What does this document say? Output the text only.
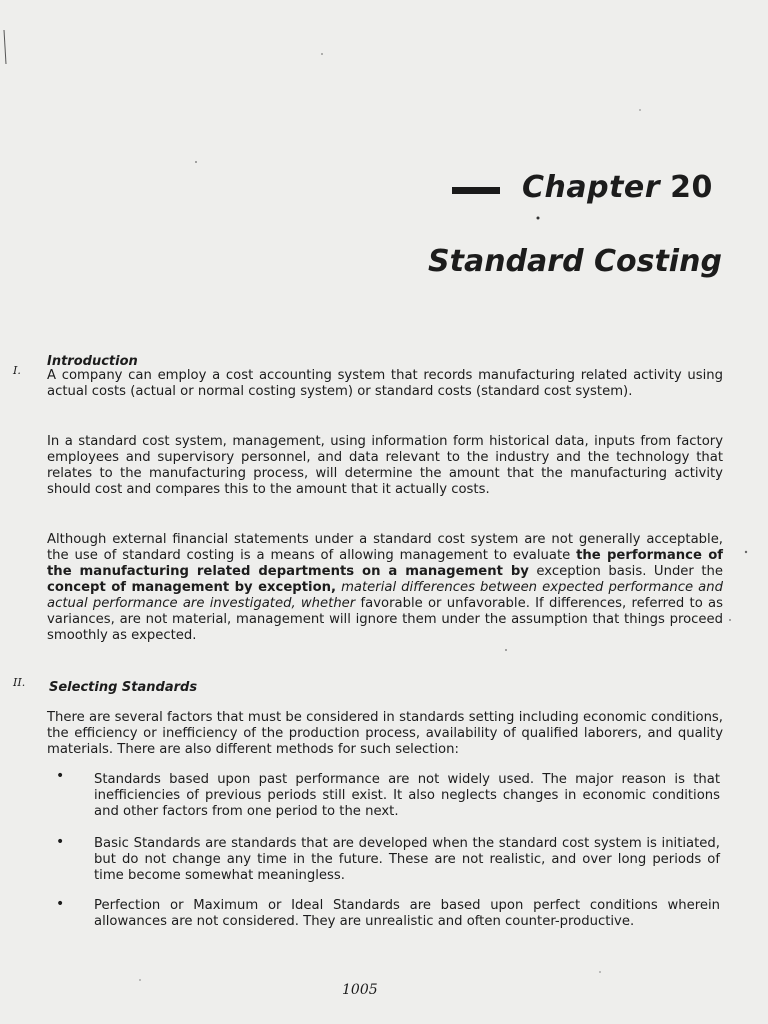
Chapter 20
Standard Costing
I.
Introduction

A company can employ a cost accounting system that records manufacturing related activity using actual costs (actual or normal costing system) or standard costs (standard cost system).

In a standard cost system, management, using information form historical data, inputs from factory employees and supervisory personnel, and data relevant to the industry and the technology that relates to the manufacturing process, will determine the amount that the manufacturing activity should cost and compares this to the amount that it actually costs.

Although external financial statements under a standard cost system are not generally acceptable, the use of standard costing is a means of allowing management to evaluate the performance of the manufacturing related departments on a management by exception basis. Under the concept of management by exception, material differences between expected performance and actual performance are investigated, whether favorable or unfavorable. If differences, referred to as variances, are not material, management will ignore them under the assumption that things proceed smoothly as expected.

II. Selecting Standards

There are several factors that must be considered in standards setting including economic conditions, the efficiency or inefficiency of the production process, availability of qualified laborers, and quality materials. There are also different methods for such selection:

• Standards based upon past performance are not widely used. The major reason is that inefficiencies of previous periods still exist. It also neglects changes in economic conditions and other factors from one period to the next.

• Basic Standards are standards that are developed when the standard cost system is initiated, but do not change any time in the future. These are not realistic, and over long periods of time become somewhat meaningless.

• Perfection or Maximum or Ideal Standards are based upon perfect conditions wherein allowances are not considered. They are unrealistic and often counter-productive.

1005
